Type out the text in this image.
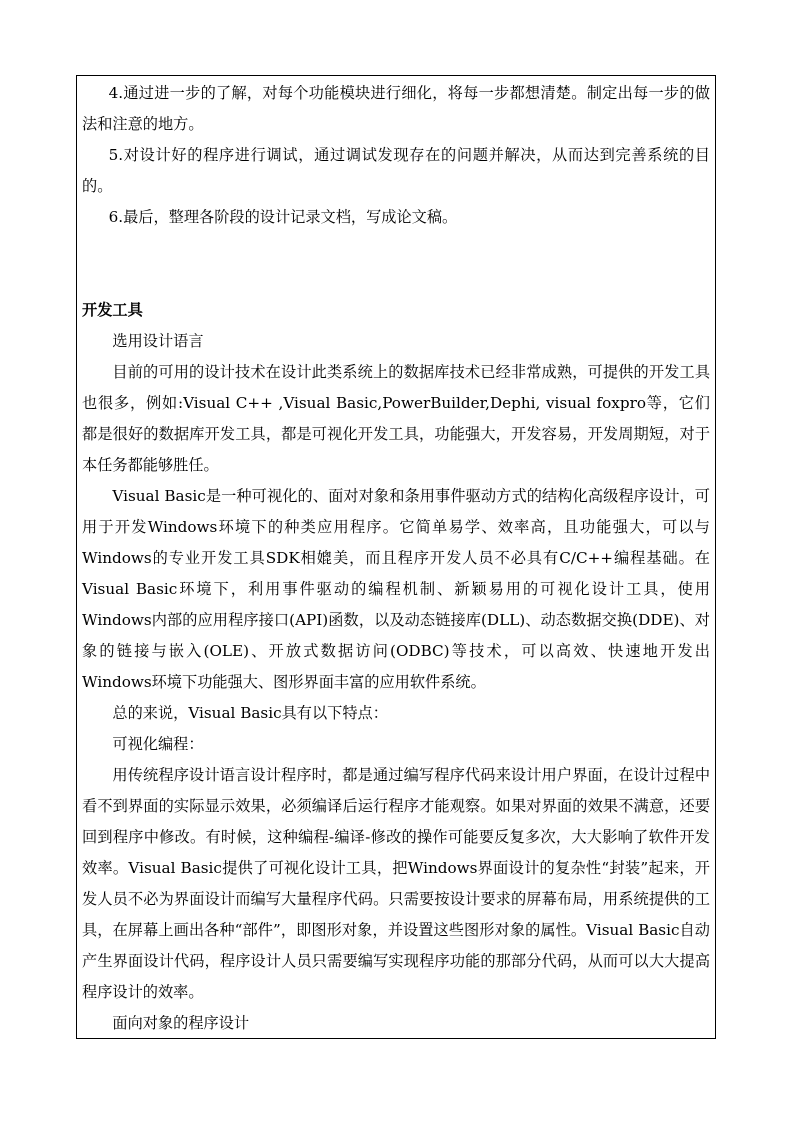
4.通过进一步的了解，对每个功能模块进行细化，将每一步都想清楚。制定出每一步的做法和注意的地方。

5.对设计好的程序进行调试，通过调试发现存在的问题并解决，从而达到完善系统的目的。

6.最后，整理各阶段的设计记录文档，写成论文稿。

开发工具

选用设计语言

目前的可用的设计技术在设计此类系统上的数据库技术已经非常成熟，可提供的开发工具也很多，例如:Visual C++ ,Visual Basic,PowerBuilder,Dephi, visual foxpro等，它们都是很好的数据库开发工具，都是可视化开发工具，功能强大，开发容易，开发周期短，对于本任务都能够胜任。

Visual Basic是一种可视化的、面对对象和条用事件驱动方式的结构化高级程序设计，可用于开发Windows环境下的种类应用程序。它简单易学、效率高，且功能强大，可以与Windows的专业开发工具SDK相媲美，而且程序开发人员不必具有C/C++编程基础。在Visual Basic环境下，利用事件驱动的编程机制、新颖易用的可视化设计工具，使用Windows内部的应用程序接口(API)函数，以及动态链接库(DLL)、动态数据交换(DDE)、对象的链接与嵌入(OLE)、开放式数据访问(ODBC)等技术，可以高效、快速地开发出Windows环境下功能强大、图形界面丰富的应用软件系统。

总的来说，Visual Basic具有以下特点：

可视化编程：

用传统程序设计语言设计程序时，都是通过编写程序代码来设计用户界面，在设计过程中看不到界面的实际显示效果，必须编译后运行程序才能观察。如果对界面的效果不满意，还要回到程序中修改。有时候，这种编程-编译-修改的操作可能要反复多次，大大影响了软件开发效率。Visual Basic提供了可视化设计工具，把Windows界面设计的复杂性“封装”起来，开发人员不必为界面设计而编写大量程序代码。只需要按设计要求的屏幕布局，用系统提供的工具，在屏幕上画出各种“部件”，即图形对象，并设置这些图形对象的属性。Visual Basic自动产生界面设计代码，程序设计人员只需要编写实现程序功能的那部分代码，从而可以大大提高程序设计的效率。

面向对象的程序设计
